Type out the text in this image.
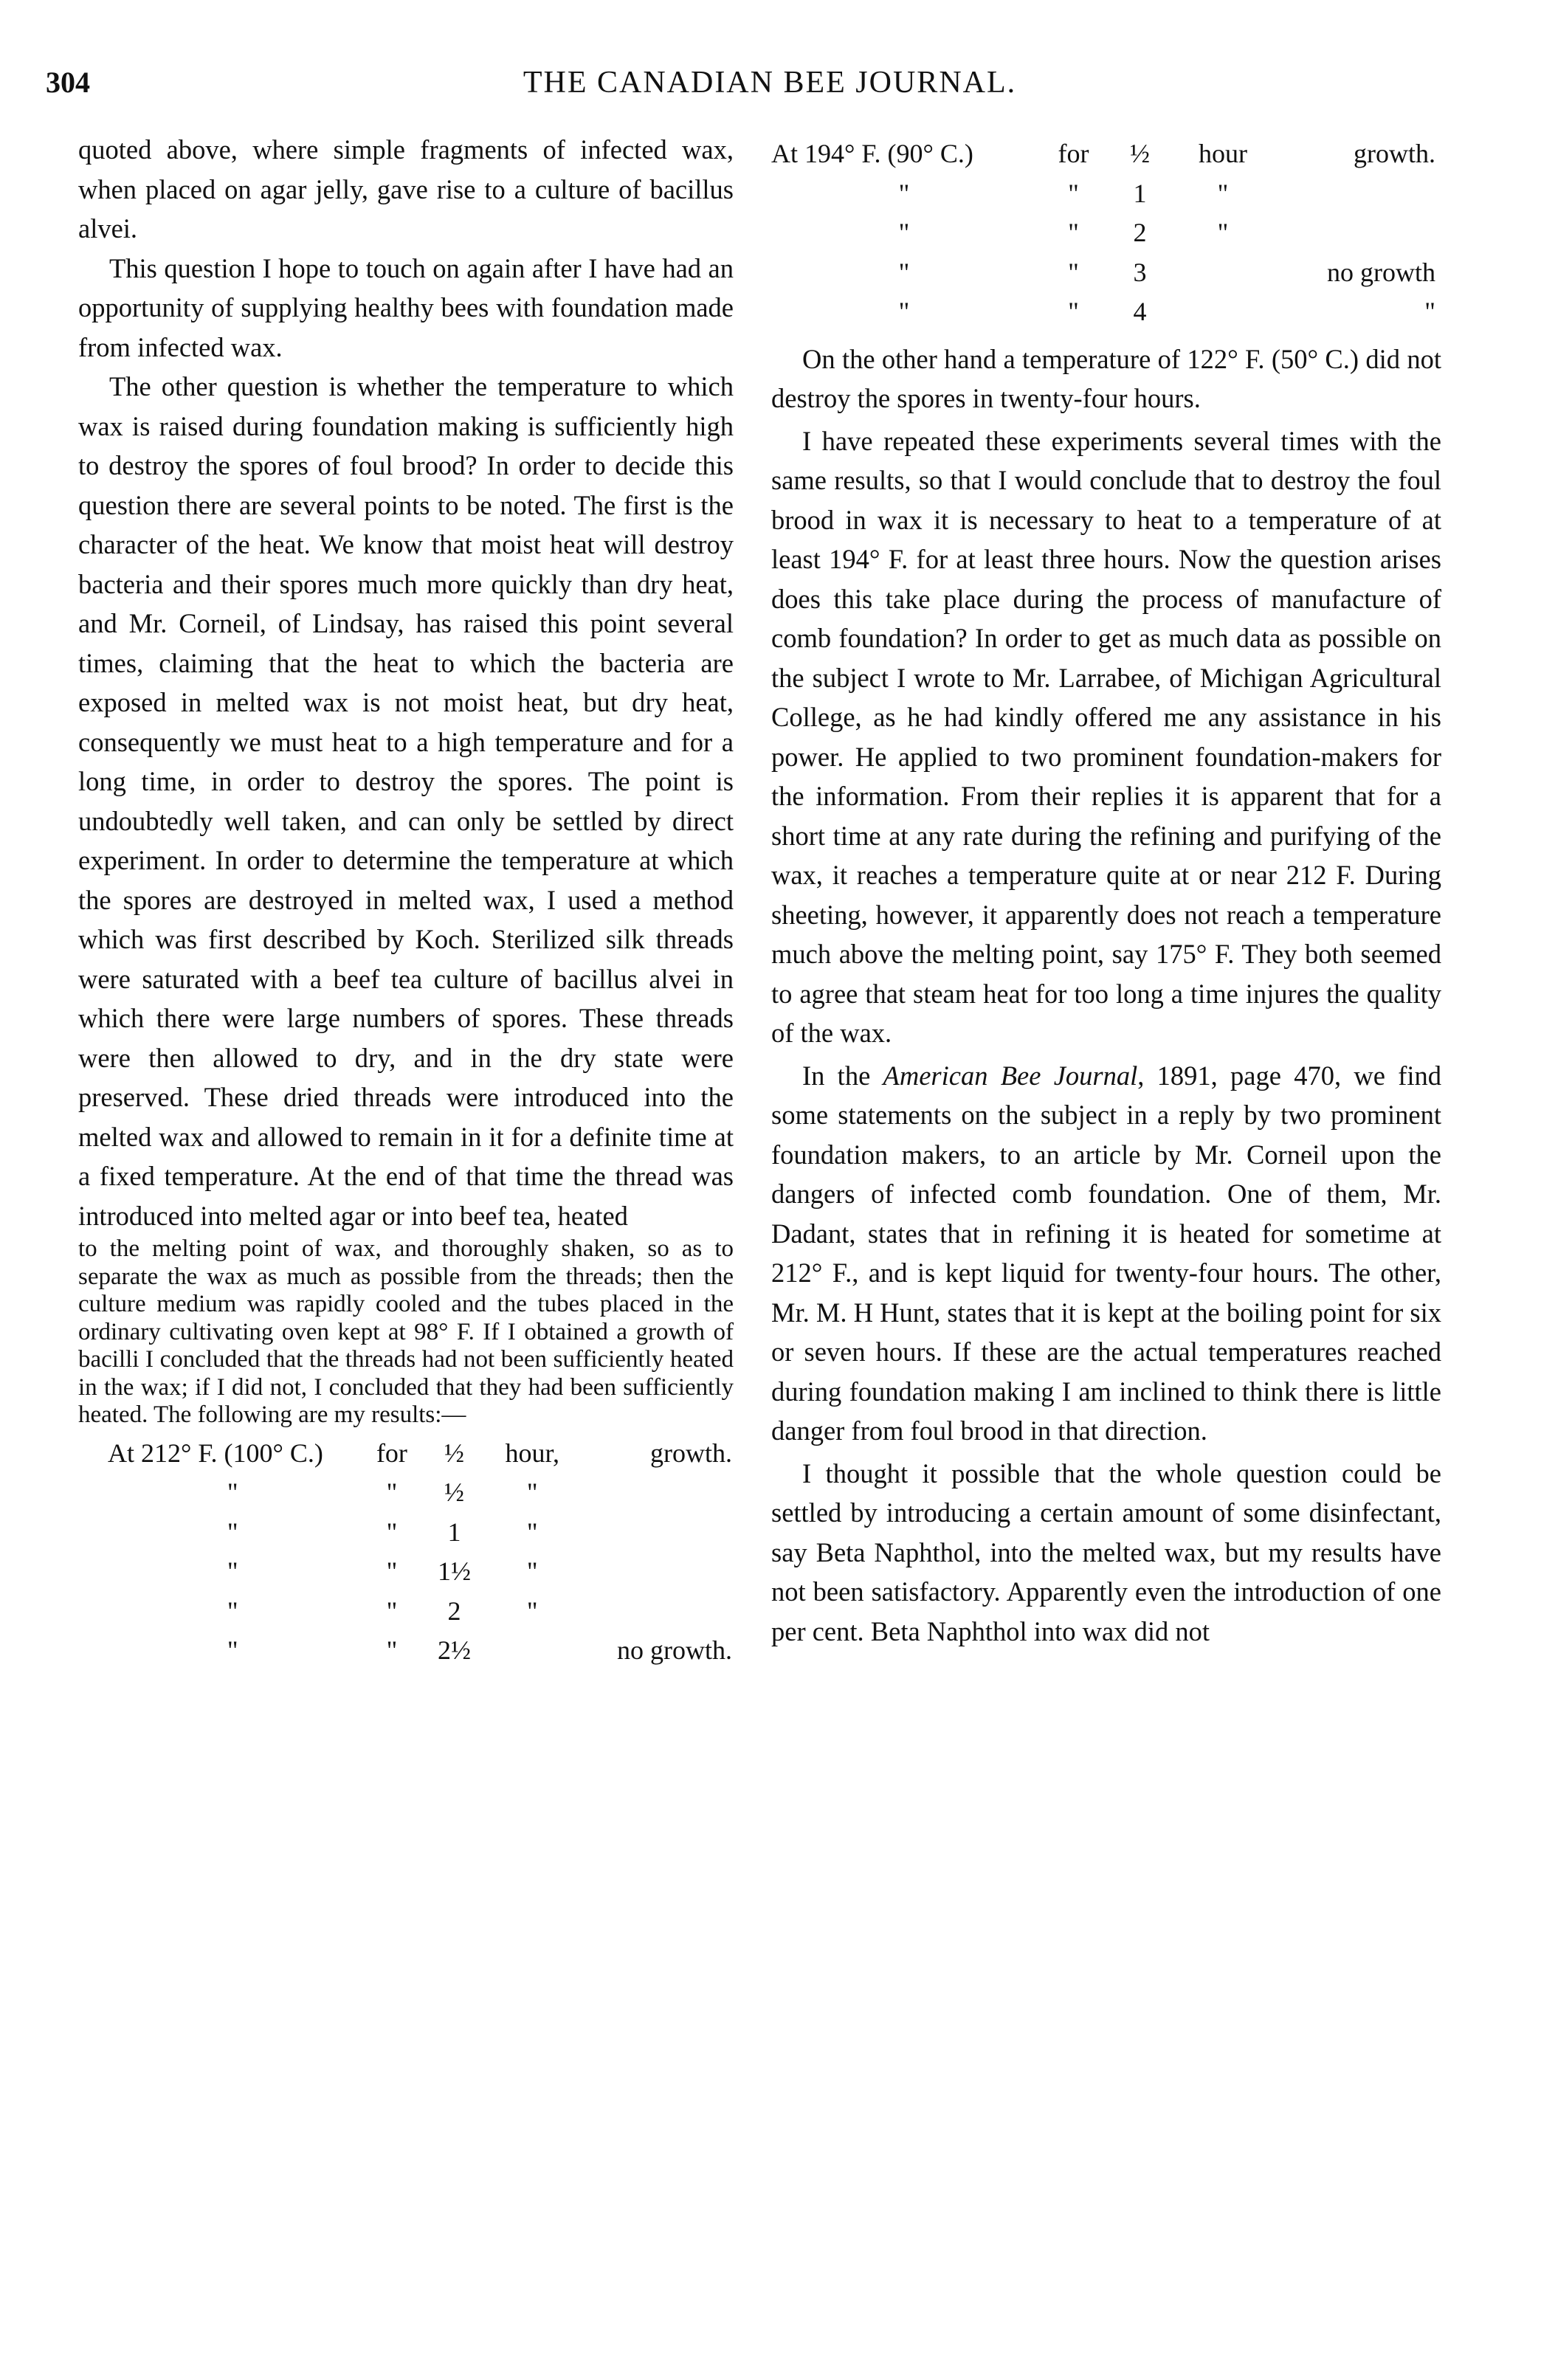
304	THE CANADIAN BEE JOURNAL.

quoted above, where simple fragments of infected wax, when placed on agar jelly, gave rise to a culture of bacillus alvei.

This question I hope to touch on again after I have had an opportunity of supplying healthy bees with foundation made from infected wax.

The other question is whether the temperature to which wax is raised during foundation making is sufficiently high to destroy the spores of foul brood? In order to decide this question there are several points to be noted. The first is the character of the heat. We know that moist heat will destroy bacteria and their spores much more quickly than dry heat, and Mr. Corneil, of Lindsay, has raised this point several times, claiming that the heat to which the bacteria are exposed in melted wax is not moist heat, but dry heat, consequently we must heat to a high temperature and for a long time, in order to destroy the spores. The point is undoubtedly well taken, and can only be settled by direct experiment. In order to determine the temperature at which the spores are destroyed in melted wax, I used a method which was first described by Koch. Sterilized silk threads were saturated with a beef tea culture of bacillus alvei in which there were large numbers of spores. These threads were then allowed to dry, and in the dry state were preserved. These dried threads were introduced into the melted wax and allowed to remain in it for a definite time at a fixed temperature. At the end of that time the thread was introduced into melted agar or into beef tea, heated

to the melting point of wax, and thoroughly shaken, so as to separate the wax as much as possible from the threads; then the culture medium was rapidly cooled and the tubes placed in the ordinary cultivating oven kept at 98° F. If I obtained a growth of bacilli I concluded that the threads had not been sufficiently heated in the wax; if I did not, I concluded that they had been sufficiently heated. The following are my results:—

At 212° F. (100° C.)	for	½	hour,	growth.
"	"	½	"	
"	"	1	"	
"	"	1½	"	
"	"	2	"	
"	"	2½		no growth.
At 194° F. (90° C.)	for	½	hour	growth.
"	"	1	"	
"	"	2	"	
"	"	3		no growth
"	"	4		"

On the other hand a temperature of 122° F. (50° C.) did not destroy the spores in twenty-four hours.

I have repeated these experiments several times with the same results, so that I would conclude that to destroy the foul brood in wax it is necessary to heat to a temperature of at least 194° F. for at least three hours. Now the question arises does this take place during the process of manufacture of comb foundation? In order to get as much data as possible on the subject I wrote to Mr. Larrabee, of Michigan Agricultural College, as he had kindly offered me any assistance in his power. He applied to two prominent foundation-makers for the information. From their replies it is apparent that for a short time at any rate during the refining and purifying of the wax, it reaches a temperature quite at or near 212 F. During sheeting, however, it apparently does not reach a temperature much above the melting point, say 175° F. They both seemed to agree that steam heat for too long a time injures the quality of the wax.

In the American Bee Journal, 1891, page 470, we find some statements on the subject in a reply by two prominent foundation makers, to an article by Mr. Corneil upon the dangers of infected comb foundation. One of them, Mr. Dadant, states that in refining it is heated for sometime at 212° F., and is kept liquid for twenty-four hours. The other, Mr. M. H Hunt, states that it is kept at the boiling point for six or seven hours. If these are the actual temperatures reached during foundation making I am inclined to think there is little danger from foul brood in that direction.

I thought it possible that the whole question could be settled by introducing a certain amount of some disinfectant, say Beta Naphthol, into the melted wax, but my results have not been satisfactory. Apparently even the introduction of one per cent. Beta Naphthol into wax did not
